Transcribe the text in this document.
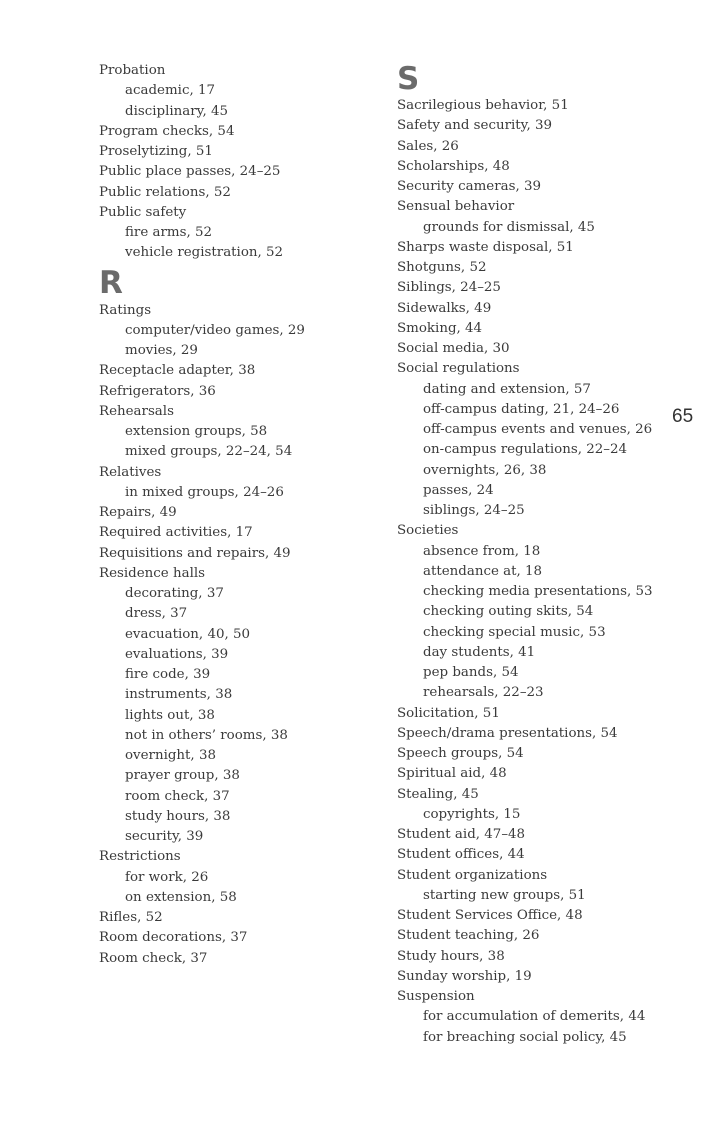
Probation
academic, 17
disciplinary, 45
Program checks, 54
Proselytizing, 51
Public place passes, 24–25
Public relations, 52
Public safety
fire arms, 52
vehicle registration, 52
R
Ratings
computer/video games, 29
movies, 29
Receptacle adapter, 38
Refrigerators, 36
Rehearsals
extension groups, 58
mixed groups, 22–24, 54
Relatives
in mixed groups, 24–26
Repairs, 49
Required activities, 17
Requisitions and repairs, 49
Residence halls
decorating, 37
dress, 37
evacuation, 40, 50
evaluations, 39
fire code, 39
instruments, 38
lights out, 38
not in others’ rooms, 38
overnight, 38
prayer group, 38
room check, 37
study hours, 38
security, 39
Restrictions
for work, 26
on extension, 58
Rifles, 52
Room decorations, 37
Room check, 37
S
Sacrilegious behavior, 51
Safety and security, 39
Sales, 26
Scholarships, 48
Security cameras, 39
Sensual behavior
grounds for dismissal, 45
Sharps waste disposal, 51
Shotguns, 52
Siblings, 24–25
Sidewalks, 49
Smoking, 44
Social media, 30
Social regulations
dating and extension, 57
off-campus dating, 21, 24–26
off-campus events and venues, 26
on-campus regulations, 22–24
overnights, 26, 38
passes, 24
siblings, 24–25
Societies
absence from, 18
attendance at, 18
checking media presentations, 53
checking outing skits, 54
checking special music, 53
day students, 41
pep bands, 54
rehearsals, 22–23
Solicitation, 51
Speech/drama presentations, 54
Speech groups, 54
Spiritual aid, 48
Stealing, 45
copyrights, 15
Student aid, 47–48
Student offices, 44
Student organizations
starting new groups, 51
Student Services Office, 48
Student teaching, 26
Study hours, 38
Sunday worship, 19
Suspension
for accumulation of demerits, 44
for breaching social policy, 45
65
